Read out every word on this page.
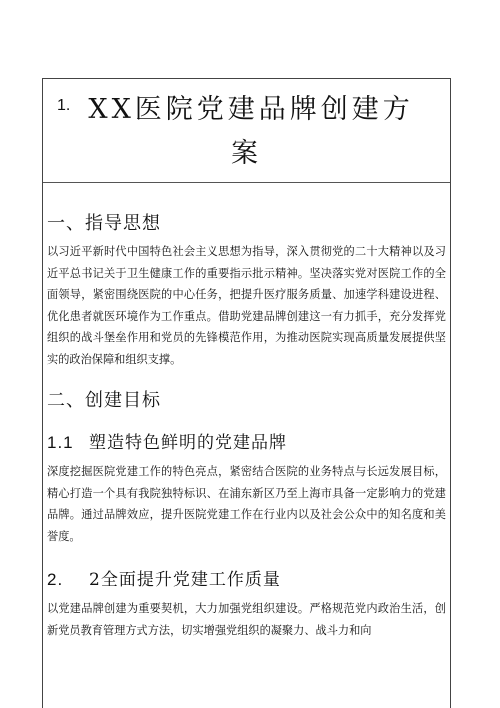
1. XX医院党建品牌创建方
案
一、指导思想

以习近平新时代中国特色社会主义思想为指导，深入贯彻党的二十大精神以及习近平总书记关于卫生健康工作的重要指示批示精神。坚决落实党对医院工作的全面领导，紧密围绕医院的中心任务，把提升医疗服务质量、加速学科建设进程、优化患者就医环境作为工作重点。借助党建品牌创建这一有力抓手，充分发挥党组织的战斗堡垒作用和党员的先锋模范作用，为推动医院实现高质量发展提供坚实的政治保障和组织支撑。

二、创建目标
1.1 塑造特色鲜明的党建品牌

深度挖掘医院党建工作的特色亮点，紧密结合医院的业务特点与长远发展目标，精心打造一个具有我院独特标识、在浦东新区乃至上海市具备一定影响力的党建品牌。通过品牌效应，提升医院党建工作在行业内以及社会公众中的知名度和美誉度。

2. 2全面提升党建工作质量

以党建品牌创建为重要契机，大力加强党组织建设。严格规范党内政治生活，创新党员教育管理方式方法，切实增强党组织的凝聚力、战斗力和向
